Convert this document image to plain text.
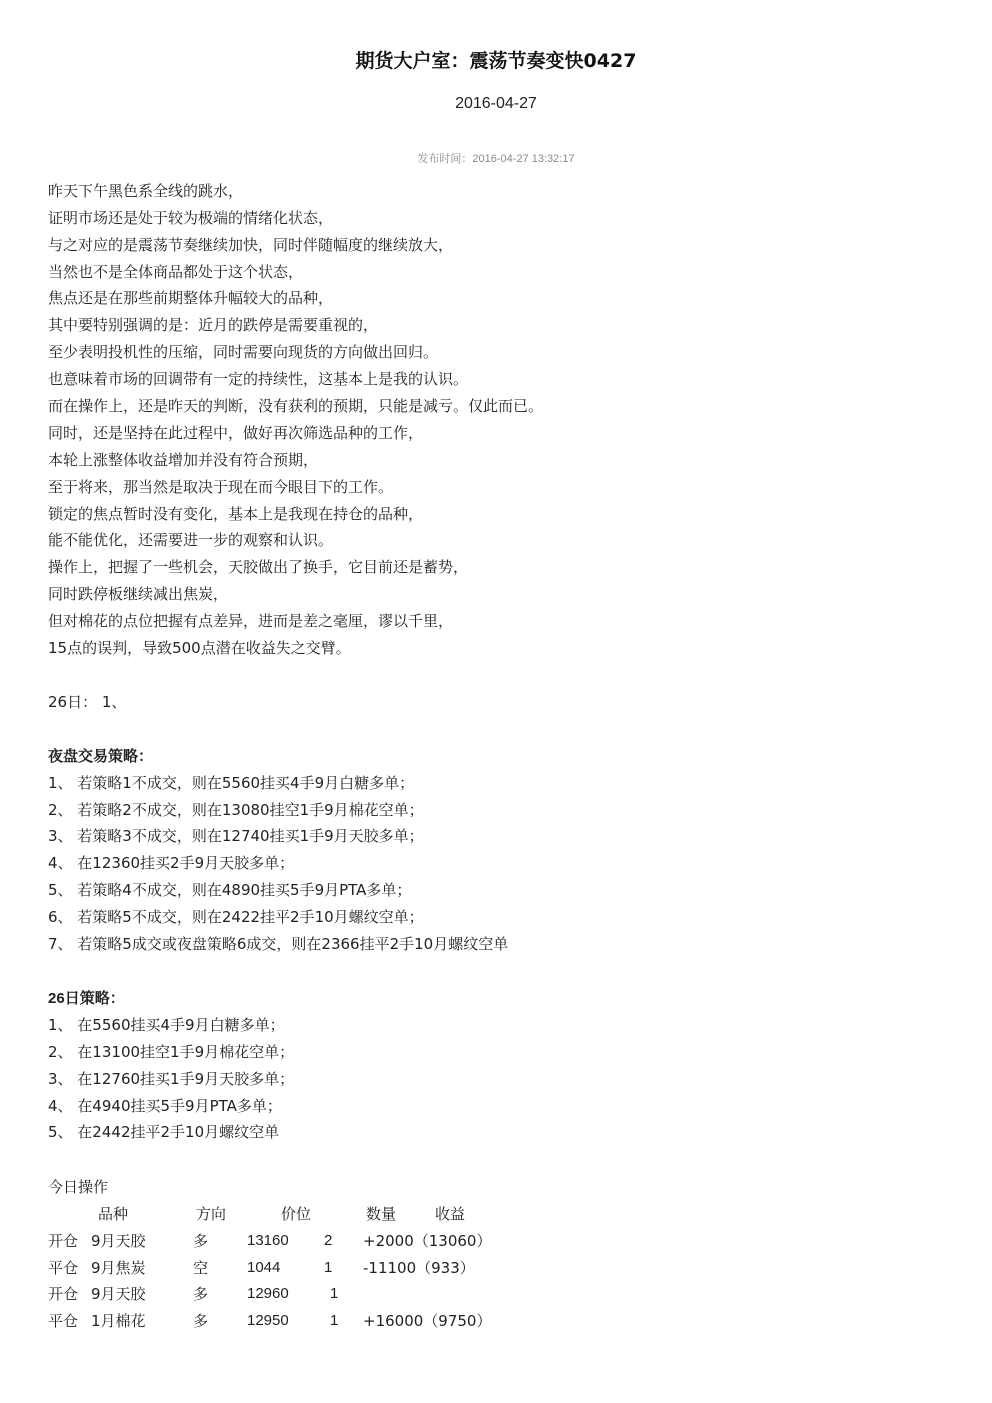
期货大户室：震荡节奏变快0427
2016-04-27
发布时间：2016-04-27 13:32:17
昨天下午黑色系全线的跳水，
证明市场还是处于较为极端的情绪化状态，
与之对应的是震荡节奏继续加快，同时伴随幅度的继续放大，
当然也不是全体商品都处于这个状态，
焦点还是在那些前期整体升幅较大的品种，
其中要特别强调的是：近月的跌停是需要重视的，
至少表明投机性的压缩，同时需要向现货的方向做出回归。
也意味着市场的回调带有一定的持续性，这基本上是我的认识。
而在操作上，还是昨天的判断，没有获利的预期，只能是减亏。仅此而已。
同时，还是坚持在此过程中，做好再次筛选品种的工作，
本轮上涨整体收益增加并没有符合预期，
至于将来，那当然是取决于现在而今眼目下的工作。
锁定的焦点暂时没有变化，基本上是我现在持仓的品种，
能不能优化，还需要进一步的观察和认识。
操作上，把握了一些机会，天胶做出了换手，它目前还是蓄势，
同时跌停板继续减出焦炭，
但对棉花的点位把握有点差异，进而是差之毫厘，谬以千里，
15点的误判，导致500点潜在收益失之交臂。
26日： 1、
夜盘交易策略：
1、 若策略1不成交，则在5560挂买4手9月白糖多单；
2、 若策略2不成交，则在13080挂空1手9月棉花空单；
3、 若策略3不成交，则在12740挂买1手9月天胶多单；
4、 在12360挂买2手9月天胶多单；
5、 若策略4不成交，则在4890挂买5手9月PTA多单；
6、 若策略5不成交，则在2422挂平2手10月螺纹空单；
7、 若策略5成交或夜盘策略6成交，则在2366挂平2手10月螺纹空单
26日策略：
1、 在5560挂买4手9月白糖多单；
2、 在13100挂空1手9月棉花空单；
3、 在12760挂买1手9月天胶多单；
4、 在4940挂买5手9月PTA多单；
5、 在2442挂平2手10月螺纹空单
今日操作
品种	方向	价位	数量	收益
开仓 9月天胶	多	13160 2 +2000（13060）
平仓 9月焦炭	空	1044	1 -11100（933）
开仓 9月天胶	多	12960	1
平仓 1月棉花	多	12950	1 +16000（9750）
